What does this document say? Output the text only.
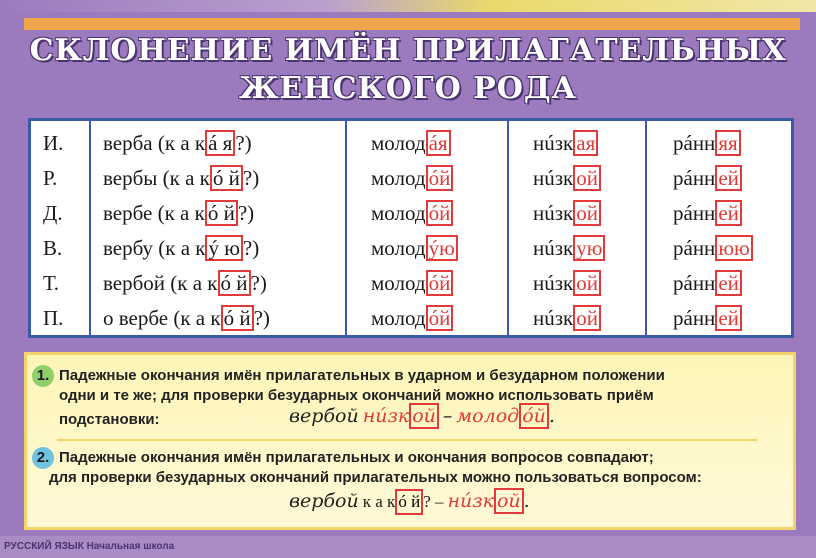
СКЛОНЕНИЕ ИМЁН ПРИЛАГАТЕЛЬНЫХ
ЖЕНСКОГО РОДА
И. верба (к а к á я ?)	молод áя	нúзк ая	рáнн яя
Р. вербы (к а к ó й ?)	молод óй	нúзк ой	рáнн ей
Д. вербе (к а к ó й ?)	молод óй	нúзк ой	рáнн ей
В. вербу (к а к ý ю ?)	молод ýю	нúзк ую	рáнн юю
Т. вербой (к а к ó й ?)	молод óй	нúзк ой	рáнн ей
П. о вербе (к а к ó й ?)	молод óй	нúзк ой	рáнн ей
1. Падежные окончания имён прилагательных в ударном и безударном положении
одни и те же; для проверки безударных окончаний можно использовать приём
подстановки:	вербой нúзк ой – молод óй .
2. Падежные окончания имён прилагательных и окончания вопросов совпадают;
для проверки безударных окончаний прилагательных можно пользоваться вопросом:
вербой к а к ó й ? – нúзк ой .
РУССКИЙ ЯЗЫК Начальная школа
